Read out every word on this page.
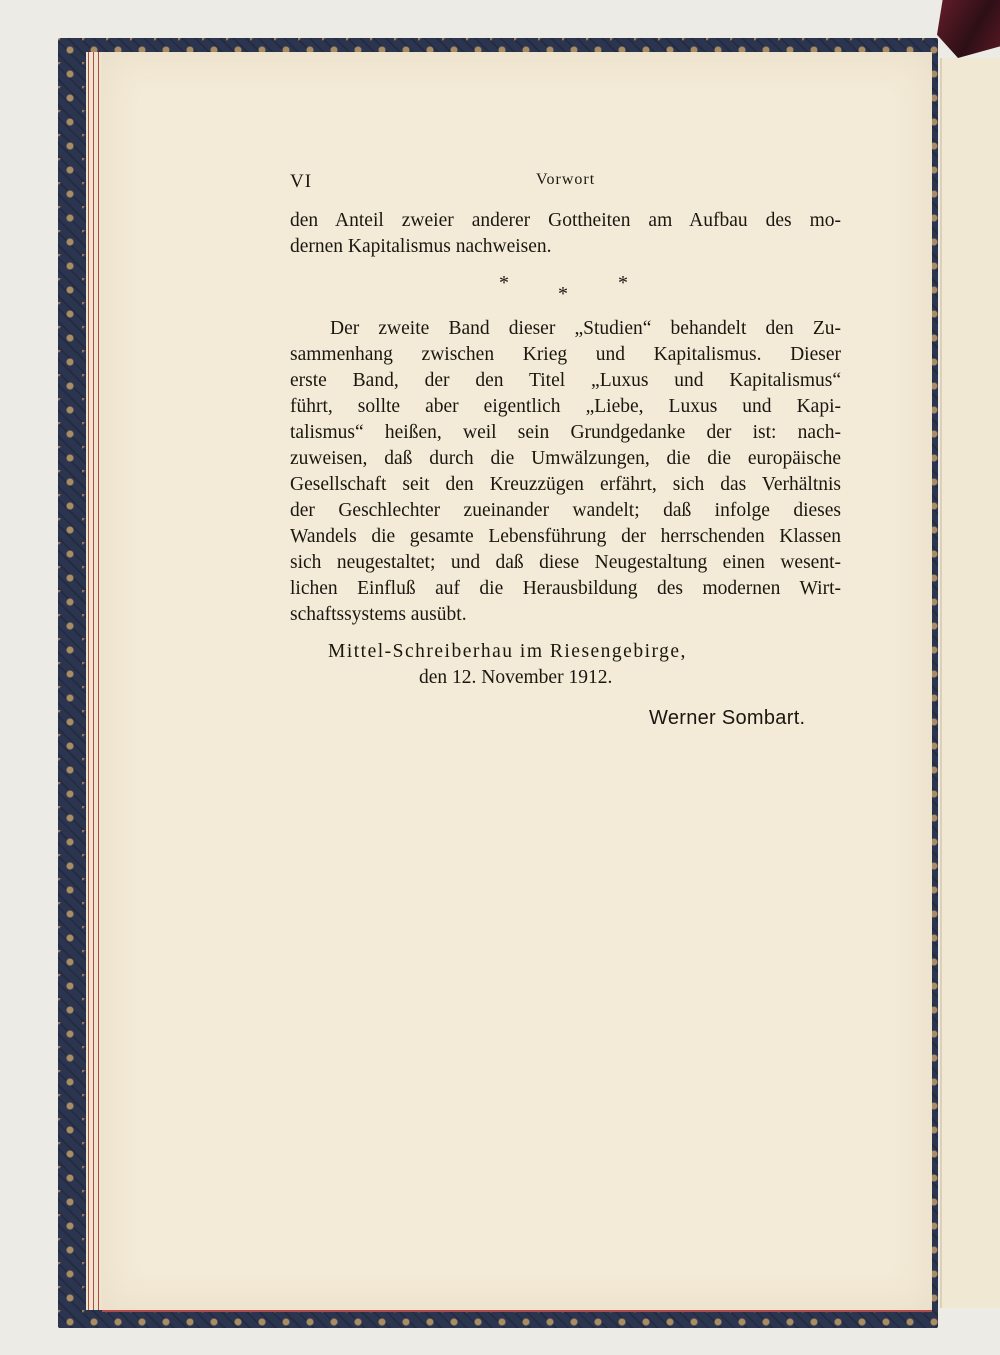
VI	Vorwort
den Anteil zweier anderer Gottheiten am Aufbau des mo-
dernen Kapitalismus nachweisen.
* *	*
Der zweite Band dieser „Studien“ behandelt den Zu-
sammenhang zwischen Krieg und Kapitalismus. Dieser
erste Band, der den Titel „Luxus und Kapitalismus“
führt, sollte aber eigentlich „Liebe, Luxus und Kapi-
talismus“ heißen, weil sein Grundgedanke der ist: nach-
zuweisen, daß durch die Umwälzungen, die die europäische
Gesellschaft seit den Kreuzzügen erfährt, sich das Verhältnis
der Geschlechter zueinander wandelt; daß infolge dieses
Wandels die gesamte Lebensführung der herrschenden Klassen
sich neugestaltet; und daß diese Neugestaltung einen wesent-
lichen Einfluß auf die Herausbildung des modernen Wirt-
schaftssystems ausübt.
Mittel-Schreiberhau im Riesengebirge,
den 12. November 1912.
Werner Sombart.
